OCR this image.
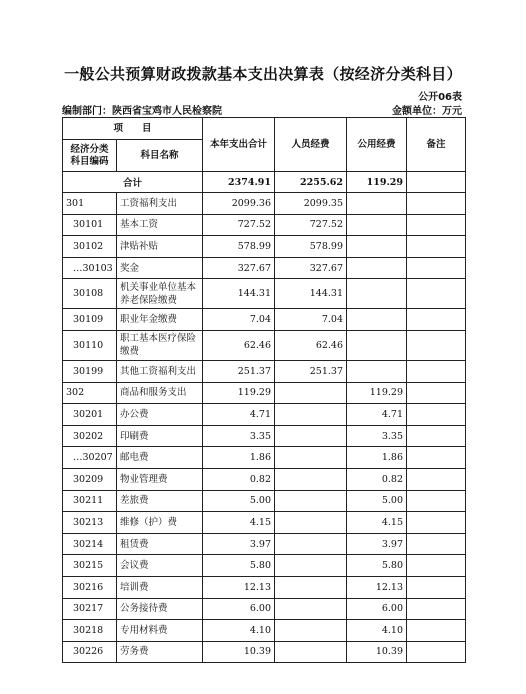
一般公共预算财政拨款基本支出决算表（按经济分类科目）
公开06表
编制部门：陕西省宝鸡市人民检察院	金额单位：万元
项　　目		本年支出合计	人员经费	公用经费	备注
经济分类科目编码	科目名称				
合计		2374.91	2255.62	119.29	
301	工资福利支出	2099.36	2099.35		
30101	基本工资	727.52	727.52		
30102	津贴补贴	578.99	578.99		
…30103	奖金	327.67	327.67		
30108	机关事业单位基本养老保险缴费	144.31	144.31		
30109	职业年金缴费	7.04	7.04		
30110	职工基本医疗保险缴费	62.46	62.46		
30199	其他工资福利支出	251.37	251.37		
302	商品和服务支出	119.29		119.29	
30201	办公费	4.71		4.71	
30202	印刷费	3.35		3.35	
…30207	邮电费	1.86		1.86	
30209	物业管理费	0.82		0.82	
30211	差旅费	5.00		5.00	
30213	维修（护）费	4.15		4.15	
30214	租赁费	3.97		3.97	
30215	会议费	5.80		5.80	
30216	培训费	12.13		12.13	
30217	公务接待费	6.00		6.00	
30218	专用材料费	4.10		4.10	
30226	劳务费	10.39		10.39	
